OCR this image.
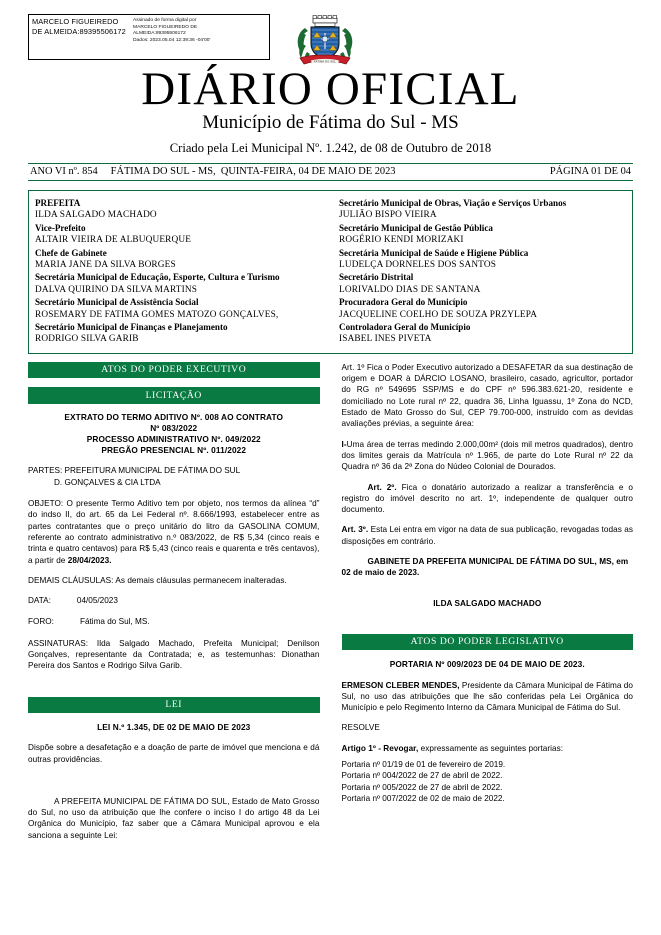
MARCELO FIGUEIREDO DE ALMEIDA:89395506172
Assinado de forma digital por
MARCELO FIGUEIREDO DE
ALMEIDA:89395506172
Dados: 2023.05.04 12:39:36 -04'00'
FATIMA DO SUL
DIÁRIO OFICIAL
Município de Fátima do Sul - MS
Criado pela Lei Municipal Nº. 1.242, de 08 de Outubro de 2018
ANO VI nº. 854     FÁTIMA DO SUL - MS,  QUINTA-FEIRA, 04 DE MAIO DE 2023	PÁGINA 01 DE 04
PREFEITA
ILDA SALGADO MACHADO
Vice-Prefeito
ALTAIR VIEIRA DE ALBUQUERQUE
Chefe de Gabinete
MARIA JANE DA SILVA BORGES
Secretária Municipal de Educação, Esporte, Cultura e Turismo
DALVA QUIRINO DA SILVA MARTINS
Secretário Municipal de Assistência Social
ROSEMARY DE FATIMA GOMES MATOZO GONÇALVES,
Secretário Municipal de Finanças e Planejamento
RODRIGO SILVA GARIB
Secretário Municipal de Obras, Viação e Serviços Urbanos
JULIÃO BISPO VIEIRA
Secretário Municipal de Gestão Pública
ROGÉRIO KENDI MORIZAKI
Secretária Municipal de Saúde e Higiene Pública
LUDELÇA DORNELES DOS SANTOS
Secretário Distrital
LORIVALDO DIAS DE SANTANA
Procuradora Geral do Município
JACQUELINE COELHO DE SOUZA PRZYLEPA
Controladora Geral do Município
ISABEL INES PIVETA
ATOS DO PODER EXECUTIVO
LICITAÇÃO
EXTRATO DO TERMO ADITIVO Nº. 008 AO CONTRATO
Nº 083/2022
PROCESSO ADMINISTRATIVO Nº. 049/2022
PREGÃO PRESENCIAL Nº. 011/2022
PARTES: PREFEITURA MUNICIPAL DE FÁTIMA DO SUL
D. GONÇALVES & CIA LTDA

OBJETO: O presente Termo Aditivo tem por objeto, nos termos da alínea “d” do indso II, do art. 65 da Lei Federal nº. 8.666/1993, estabelecer entre as partes contratantes que o preço unitário do litro da GASOLINA COMUM, referente ao contrato administrativo n.º 083/2022, de R$ 5,34 (cinco reais e trinta e quatro centavos) para R$ 5,43 (cinco reais e quarenta e três centavos), a partir de 28/04/2023.

DEMAIS CLÁUSULAS: As demais cláusulas permanecem inalteradas.

DATA:	04/05/2023
FORO:	Fátima do Sul, MS.

ASSINATURAS: Ilda Salgado Machado, Prefeita Municipal; Denilson Gonçalves, representante da Contratada; e, as testemunhas: Dionathan Pereira dos Santos e Rodrigo Silva Garib.

LEI
LEI N.º 1.345, DE 02 DE MAIO DE 2023

Dispõe sobre a desafetação e a doação de parte de imóvel que menciona e dá outras providências.

A PREFEITA MUNICIPAL DE FÁTIMA DO SUL, Estado de Mato Grosso do Sul, no uso da atribuição que lhe confere o inciso I do artigo 48 da Lei Orgânica do Município, faz saber que a Câmara Municipal aprovou e ela sanciona a seguinte Lei:

Art. 1º Fica o Poder Executivo autorizado a DESAFETAR da sua destinação de origem e DOAR à DÁRCIO LOSANO, brasileiro, casado, agricultor, portador do RG nº 549695 SSP/MS e do CPF nº 596.383.621-20, residente e domiciliado no Lote rural nº 22, quadra 36, Linha Iguassu, 1º Zona do NCD, Estado de Mato Grosso do Sul, CEP 79.700-000, instruído com as devidas avaliações prévias, a seguinte área:

I-Uma área de terras medindo 2.000,00m² (dois mil metros quadrados), dentro dos limites gerais da Matrícula nº 1.965, de parte do Lote Rural nº 22 da Quadra nº 36 da 2ª Zona do Núdeo Colonial de Dourados.

Art. 2º. Fica o donatário autorizado a realizar a transferência e o registro do imóvel descrito no art. 1º, independente de qualquer outro documento.

Art. 3º. Esta Lei entra em vigor na data de sua publicação, revogadas todas as disposições em contrário.

GABINETE DA PREFEITA MUNICIPAL DE FÁTIMA DO SUL, MS, em 02 de maio de 2023.

ILDA SALGADO MACHADO

ATOS DO PODER LEGISLATIVO
PORTARIA Nº 009/2023 DE 04 DE MAIO DE 2023.

ERMESON CLEBER MENDES, Presidente da Câmara Municipal de Fátima do Sul, no uso das atribuições que lhe são conferidas pela Lei Orgânica do Município e pelo Regimento Interno da Câmara Municipal de Fátima do Sul.

RESOLVE

Artigo 1º - Revogar, expressamente as seguintes portarias:

Portaria nº 01/19 de 01 de fevereiro de 2019.
Portaria nº 004/2022 de 27 de abril de 2022.
Portaria nº 005/2022 de 27 de abril de 2022.
Portaria nº 007/2022 de 02 de maio de 2022.
